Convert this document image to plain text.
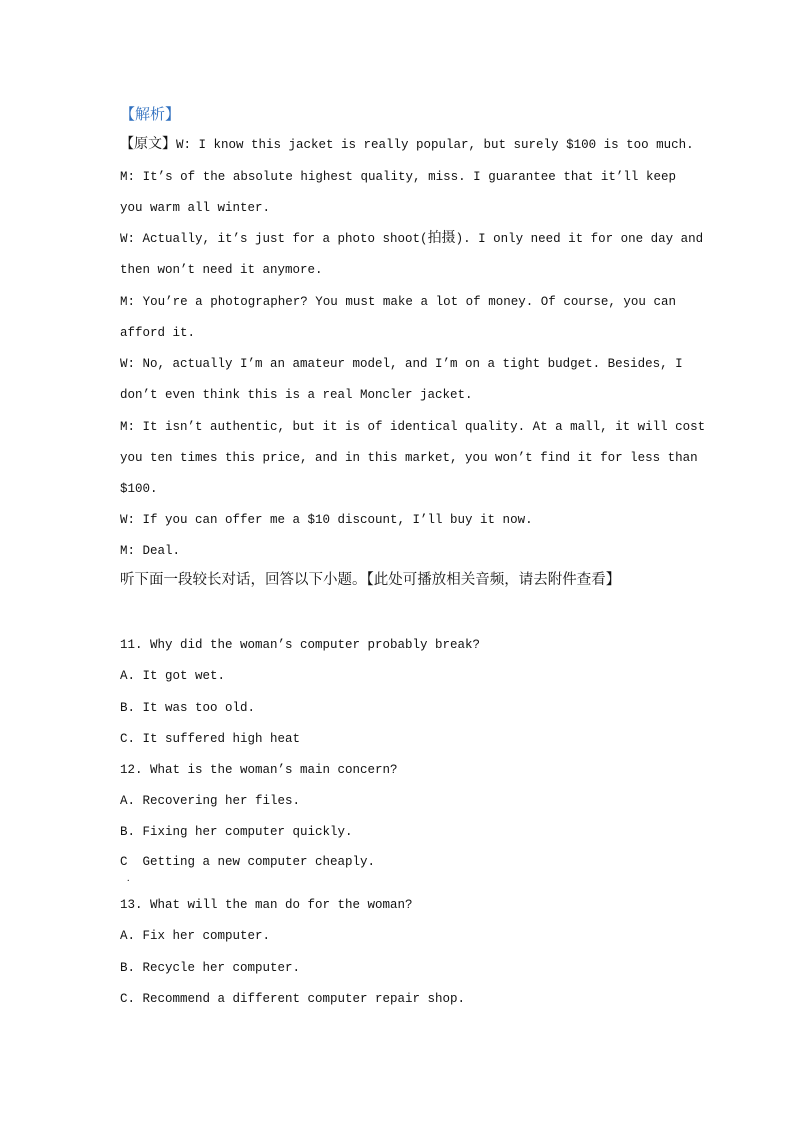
【解析】
【原文】W: I know this jacket is really popular, but surely $100 is too much.
M: It’s of the absolute highest quality, miss. I guarantee that it’ll keep
you warm all winter.
W: Actually, it’s just for a photo shoot(拍摄). I only need it for one day and
then won’t need it anymore.
M: You’re a photographer? You must make a lot of money. Of course, you can
afford it.
W: No, actually I’m an amateur model, and I’m on a tight budget. Besides, I
don’t even think this is a real Moncler jacket.
M: It isn’t authentic, but it is of identical quality. At a mall, it will cost
you ten times this price, and in this market, you won’t find it for less than
$100.
W: If you can offer me a $10 discount, I’ll buy it now.
M: Deal.
听下面一段较长对话，回答以下小题。【此处可播放相关音频，请去附件查看】
11. Why did the woman’s computer probably break?
A. It got wet.
B. It was too old.
C. It suffered high heat
12. What is the woman’s main concern?
A. Recovering her files.
B. Fixing her computer quickly.
C  Getting a new computer cheaply.
.
13. What will the man do for the woman?
A. Fix her computer.
B. Recycle her computer.
C. Recommend a different computer repair shop.
